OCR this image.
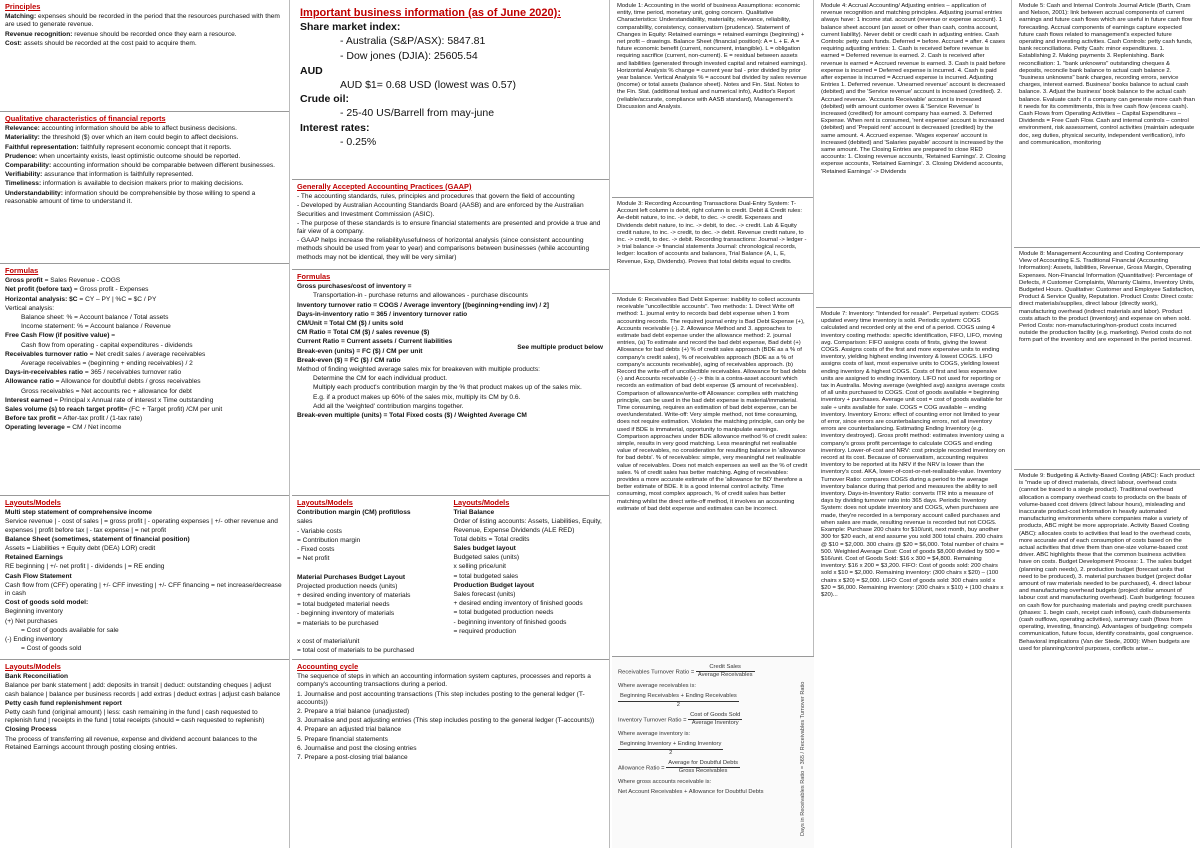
Principles

Matching: expenses should be recorded in the period that the resources purchased with them are used to generate revenue.

Revenue recognition: revenue should be recorded once they earn a resource.

Cost: assets should be recorded at the cost paid to acquire them.

Qualitative characteristics of financial reports

Relevance: accounting information should be able to affect business decisions.

Materiality: the threshold ($) over which an item could begin to affect decisions.

Faithful representation: faithfully represent economic concept that it reports.

Prudence: when uncertainty exists, least optimistic outcome should be reported.

Comparability: accounting information should be comparable between different businesses.

Verifiability: assurance that information is faithfully represented.

Timeliness: information is available to decision makers prior to making decisions.

Understandability: information should be comprehensible by those willing to spend a reasonable amount of time to understand it.

Formulas

Gross profit = Sales Revenue - COGS

Net profit (before tax) = Gross profit - Expenses

Horizontal analysis: $C = CY – PY | %C = $C / PY

Vertical analysis:

Balance sheet: % = Account balance / Total assets

Income statement: % = Account balance / Revenue

Free Cash Flow (if positive value) =

Cash flow from operating - capital expenditures - dividends

Receivables turnover ratio = Net credit sales / average receivables

Average receivables = (beginning + ending receivables) / 2

Days-in-receivables ratio = 365 / receivables turnover ratio

Allowance ratio = Allowance for doubtful debts / gross receivables

Gross receivables = Net accounts rec + allowance for debt

Interest earned = Principal x Annual rate of interest x Time outstanding

Sales volume (s) to reach target profit= (FC + Target profit) /CM per unit

Before tax profit = After-tax profit / (1-tax rate)

Operating leverage = CM / Net income

Layouts/Models

Multi step statement of comprehensive income

Service revenue | - cost of sales | = gross profit | - operating expenses | +/- other revenue and expenses | profit before tax | - tax expense | = net profit

Balance Sheet (sometimes, statement of financial position)

Assets = Liabilities + Equity debt (DEA) LOR) credit

Retained Earnings

RE beginning | +/- net profit | - dividends | = RE ending

Cash Flow Statement

Cash flow from (CFF) operating | +/- CFF investing | +/- CFF financing = net increase/decrease in cash

Cost of goods sold model:

Beginning inventory

(+) Net purchases

= Cost of goods available for sale

(-) Ending inventory

= Cost of goods sold

Layouts/Models

Bank Reconciliation

Balance per bank statement | add: deposits in transit | deduct: outstanding cheques | adjust cash balance | balance per business records | add extras | deduct extras | adjust cash balance

Petty cash fund replenishment report

Petty cash fund (original amount) | less: cash remaining in the fund | cash requested to replenish fund | receipts in the fund | total receipts (should = cash requested to replenish)

Closing Process

The process of transferring all revenue, expense and dividend account balances to the Retained Earnings account through posting closing entries.

Important business information (as of June 2020):
Share market index:

- Australia (S&P/ASX): 5847.81

- Dow jones (DJIA): 25605.54

AUD
AUD $1= 0.68 USD (lowest was 0.57)
Crude oil:

- 25-40 US/Barrell from may-june

Interest rates:

- 0.25%

Generally Accepted Accounting Practices (GAAP)

- The accounting standards, rules, principles and procedures that govern the field of accounting

- Developed by Australian Accounting Standards Board (AASB) and are enforced by the Australian Securities and Investment Commission (ASIC).

- The purpose of these standards is to ensure financial statements are presented and provide a true and fair view of a company.

- GAAP helps increase the reliability/usefulness of horizontal analysis (since consistent accounting methods should be used from year to year) and comparisons between businesses (while accounting methods may not be identical, they will be very similar)

Formulas
See multiple product below

Gross purchases/cost of inventory =

Transportation-in - purchase returns and allowances - purchase discounts

Inventory turnover ratio = COGS / Average inventory [(beginning+ending inv) / 2]

Days-in-inventory ratio = 365 / inventory turnover ratio

CM/Unit = Total CM ($) / units sold

CM Ratio = Total CM ($) / sales revenue ($)

Current Ratio = Current assets / Current liabilities

Break-even (units) = FC ($) / CM per unit

Break-even ($) = FC ($) / CM ratio

Method of finding weighted average sales mix for breakeven with multiple products:

Determine the CM for each individual product.

Multiply each product's contribution margin by the % that product makes up of the sales mix.

E.g. if a product makes up 60% of the sales mix, multiply its CM by 0.6.

Add all the 'weighted' contribution margins together.

Break-even multiple (units) = Total Fixed costs ($) / Weighted Average CM

Layouts/Models

Contribution margin (CM) profit/loss

sales

- Variable costs

= Contribution margin

- Fixed costs

= Net profit

Material Purchases Budget Layout

Projected production needs (units)

+ desired ending inventory of materials

= total budgeted material needs

- beginning inventory of materials

= materials to be purchased

x cost of material/unit

= total cost of materials to be purchased

Layouts/Models

Trial Balance

Order of listing accounts: Assets, Liabilities, Equity, Revenue, Expense Dividends (ALE RED)

Total debits = Total credits

Sales budget layout

Budgeted sales (units)

x selling price/unit

= total budgeted sales

Production Budget layout

Sales forecast (units)

+ desired ending inventory of finished goods

= total budgeted production needs

- beginning inventory of finished goods

= required production

Accounting cycle

The sequence of steps in which an accounting information system captures, processes and reports a company's accounting transactions during a period.

1. Journalise and post accounting transactions (This step includes posting to the general ledger (T-accounts))

2. Prepare a trial balance (unadjusted)

3. Journalise and post adjusting entries (This step includes posting to the general ledger (T-accounts))

4. Prepare an adjusted trial balance

5. Prepare financial statements

6. Journalise and post the closing entries

7. Prepare a post-closing trial balance

Module 1: Accounting in the world of business Assumptions: economic entity, time period, monetary unit, going concern. Qualitative Characteristics: Understandability, materiality, relevance, reliability, comparability, consistency, conservatism (prudence). Statement of Changes in Equity: Retained earnings = retained earnings (beginning) + net profit – drawings. Balance Sheet (financial position): A = L + E. A = future economic benefit (current, noncurrent, intangible). L = obligation requiring sacrifice (current, non-current). E = residual between assets and liabilities (generated through invested capital and retained earnings). Horizontal Analysis % change = current year bal - prior divided by prior year balance. Vertical Analysis % = account bal divided by sales revenue (income) or total assets (balance sheet). Notes and Fin. Stat. Notes to the Fin. Stat. (additional textual and numerical info), Auditor's Report (reliable/accurate, compliance with AASB standard), Management's Discussion and Analysis.
Module 3: Recording Accounting Transactions Dual-Entry System: T-Account left column is debit, right column is credit. Debit & Credit rules: Ae-debit nature, to inc. -> debit, to dec. -> credit. Expenses and Dividends debit nature, to inc. -> debit, to dec. -> credit. Lab & Equity credit nature, to inc. -> credit, to dec. -> debit. Revenue credit nature, to inc. -> credit, to dec. -> debit. Recording transactions: Journal -> ledger -> trial balance -> financial statements Journal: chronological records, ledger: location of accounts and balances, Trial Balance (A, L, E, Revenue, Exp, Dividends). Proves that total debits equal to credits.
Module 6: Receivables Bad Debt Expense: inability to collect accounts receivable "uncollectible accounts". Two methods: 1. Direct Write off method: 1. journal entry to records bad debt expense when 1 from accounting records. The required journal entry is Bad Debt Expense (+), Accounts receivable (-). 2. Allowance Method and 3. approaches to estimate bad debt expense under the allowance method: 2. journal entries, (a) To estimate and record the bad debt expense, Bad debt (+) Allowance for bad debts (+) % of credit sales approach (BDE as a % of company's credit sales), % of receivables approach (BDE as a % of company's accounts receivable), aging of receivables approach. (b) Record the write-off of uncollectible receivables. Allowance for bad debts (-) and Accounts receivable (-) -> this is a contra-asset account which records an estimation of bad debt expense ($ amount of receivables). Comparison of allowance/write-off Allowance: complies with matching principle, can be used in the bad debt expense is material/immaterial. Time consuming, requires an estimation of bad debt expense, can be over/understated. Write-off: Very simple method, not time consuming, does not require estimation. Violates the matching principle, can only be used if BDE is immaterial, opportunity to manipulate earnings. Comparison approaches under BDE allowance method % of credit sales: simple, results in very good matching. Less meaningful net realisable value of receivables, no consideration for resulting balance in 'allowance for bad debts'. % of receivables: simple, very meaningful net realisable value of receivables. Does not match expenses as well as the % of credit sales. % of credit sales has better matching. Aging of receivables: provides a more accurate estimate of the 'allowance for BD' therefore a better estimate of BDE. It is a good internal control activity. Time consuming, most complex approach, % of credit sales has better matching whilst the direct write-off method, it involves an accounting estimate of bad debt expense and estimates can be incorrect.
Receivables Turnover Ratio = $\frac{\text{Credit Sales}}{\text{Average Receivables}}$
Where average receivables is:
$\frac{\text{Beginning Receivables + Ending Receivables}}{2}$
Inventory Turnover Ratio = $\frac{\text{Cost of Goods Sold}}{\text{Average Inventory}}$
Where average inventory is:
$\frac{\text{Beginning Inventory + Ending Inventory}}{2}$
Allowance Ratio = $\frac{\text{Average for Doubtful Debts}}{\text{Gross Receivables}}$
Where gross accounts receivable is:
Net Account Receivables + Allowance for Doubtful Debts	Days in Receivables Ratio = 365 / Receivables Turnover Ratio
Module 4: Accrual Accounting/ Adjusting entries – application of revenue recognition and matching principles. Adjusting journal entries always have: 1 income stat. account (revenue or expense account). 1 balance sheet account (an asset or other than cash, contra account, current liability). Never debit or credit cash in adjusting entries. Cash Controls: petty cash funds. Deferred = before. Accrued = after. 4 cases requiring adjusting entries: 1. Cash is received before revenue is earned = Deferred revenue is earned. 2. Cash is received after revenue is earned = Accrued revenue is earned. 3. Cash is paid before expense is incurred = Deferred expense is incurred. 4. Cash is paid after expense is incurred = Accrued expense is incurred. Adjusting Entries 1. Deferred revenue. 'Unearned revenue' account is decreased (debited) and the 'Service revenue' account is increased (credited). 2. Accrued revenue. 'Accounts Receivable' account is increased (debited) with amount customer owes & 'Service Revenue' is increased (credited) for amount company has earned. 3. Deferred Expense. When rent is consumed, 'rent expense' account is increased (debited) and 'Prepaid rent' account is decreased (credited) by the same amount. 4. Accrued expense. 'Wages expense' account is increased (debited) and 'Salaries payable' account is increased by the same amount. The Closing Entries are prepared to close RED accounts: 1. Closing revenue accounts, 'Retained Earnings'. 2. Closing expense accounts, 'Retained Earnings'. 3. Closing Dividend accounts, 'Retained Earnings' -> Dividends
Module 7: Inventory: "Intended for resale". Perpetual system: COGS updated every time inventory is sold. Periodic system: COGS calculated and recorded only at the end of a period. COGS using 4 inventory costing methods: specific identification, FIFO, LIFO, moving avg. Comparison: FIFO assigns costs of firsts, giving the lowest COGS. Assigns costs of the first and more expensive units to ending inventory, yielding highest ending inventory & lowest COGS. LIFO assigns costs of last, most expensive units to COGS, yielding lowest ending inventory & highest COGS. Costs of first and less expensive units are assigned to ending inventory. LIFO not used for reporting or tax in Australia. Moving average (weighted avg) assigns average costs of all units purchased to COGS. Cost of goods available = beginning inventory + purchases. Average unit cost = cost of goods available for sale ÷ units available for sale. COGS = COG available – ending inventory. Inventory Errors: effect of counting error not limited to year of error, since errors are counterbalancing errors, not all inventory errors are counterbalancing. Estimating Ending Inventory (e.g. inventory destroyed). Gross profit method: estimates inventory using a company's gross profit percentage to calculate COGS and ending inventory. Lower-of-cost and NRV: cost principle recorded inventory on record at its cost. Because of conservatism, accounting requires inventory to be reported at its NRV if the NRV is lower than the inventory's cost. AKA, lower-of-cost-or-net-realisable-value. Inventory Turnover Ratio: compares COGS during a period to the average inventory balance during that period and measures the ability to sell inventory. Days-in-Inventory Ratio: converts ITR into a measure of days by dividing turnover ratio into 365 days. Periodic Inventory System: does not update inventory and COGS, when purchases are made, they're recorded in a temporary account called purchases and when sales are made, resulting revenue is recorded but not COGS. Example: Purchase 200 chairs for $10/unit, next month, buy another 300 for $20 each, at end assume you sold 300 total chairs. 200 chairs @ $10 = $2,000. 300 chairs @ $20 = $6,000. Total number of chairs = 500. Weighted Average Cost: Cost of goods $8,000 divided by 500 = $16/unit. Cost of Goods Sold: $16 x 300 = $4,800. Remaining inventory: $16 x 200 = $3,200. FIFO: Cost of goods sold: 200 chairs sold x $10 = $2,000. Remaining inventory: (300 chairs x $20) – (100 chairs x $20) = $2,000. LIFO: Cost of goods sold: 300 chairs sold x $20 = $6,000. Remaining inventory: (200 chairs x $10) + (100 chairs x $20)...
Module 5: Cash and Internal Controls Journal Article (Barth, Cram and Nelson, 2001): link between accrual components of current earnings and future cash flows which are useful in future cash flow forecasting. Accrual components of earnings capture expected future cash flows related to management's expected future operating and investing activities. Cash Controls: petty cash funds, bank reconciliations. Petty Cash: minor expenditures. 1. Establishing 2. Making payments 3. Replenishing. Bank reconciliation: 1. "bank unknowns" outstanding cheques & deposits, reconcile bank balance to actual cash balance 2. "business unknowns" bank charges, recording errors, service charges, interest earned. Business' books balance to actual cash balance. 3. Adjust the business' book balance to the actual cash balance. Evaluate cash: if a company can generate more cash than it needs for its commitments, this is free cash flow (excess cash). Cash Flows from Operating Activities – Capital Expenditures – Dividends = Free Cash Flow. Cash and internal controls – control environment, risk assessment, control activities (maintain adequate doc, seg duties, physical security, independent verification), info and communication, monitoring
Module 8: Management Accounting and Costing Contemporary View of Accounting E.S. Traditional Financial (Accounting Information): Assets, liabilities, Revenue, Gross Margin, Operating Expenses. Non-Financial Information (Quantitative): Percentage of Defects, # Customer Complaints, Warranty Claims, Inventory Units, Budgeted Hours. Qualitative: Customer and Employee Satisfaction, Product & Service Quality, Reputation. Product Costs: Direct costs: direct materials/supplies, direct labour (directly work), manufacturing overhead (indirect materials and labor). Product costs attach to the product (inventory) and expense on when sold. Period Costs: non-manufacturing/non-product costs incurred outside the production facility (e.g. marketing). Period costs do not form part of the inventory and are expensed in the period incurred.
Module 9: Budgeting & Activity-Based Costing (ABC): Each product is "made up of direct materials, direct labour, overhead costs (cannot be traced to a single product). Traditional overhead allocation a company overhead costs to products on the basis of volume-based cost drivers (direct labour hours), misleading and inaccurate product-cost information in heavily automated manufacturing environments where companies make a variety of products, ABC might be more appropriate. Activity Based Costing (ABC): allocates costs to activities that lead to the overhead costs, more accurate and of each consumption of costs based on the actual activities that drive them than one-size volume-based cost driver. ABC highlights these that the common business activities have on costs. Budget Development Process: 1. The sales budget (planning cash needs), 2. production budget (forecast units that need to be produced), 3. material purchases budget (project dollar amount of raw materials needed to be purchased), 4. direct labour and manufacturing overhead budgets (project dollar amount of labour cost and manufacturing overhead). Cash budgeting: focuses on cash flow for purchasing materials and paying credit purchases (phases: 1. begin cash, receipt cash inflows), cash disbursements (cash outflows, operating activities), summary cash (flows from operating, investing, financing). Advantages of budgeting: compels communication, future focus, identify constraints, goal congruence. Behavioral implications (Van der Stede, 2000): When budgets are used for planning/control purposes, conflicts arise...
